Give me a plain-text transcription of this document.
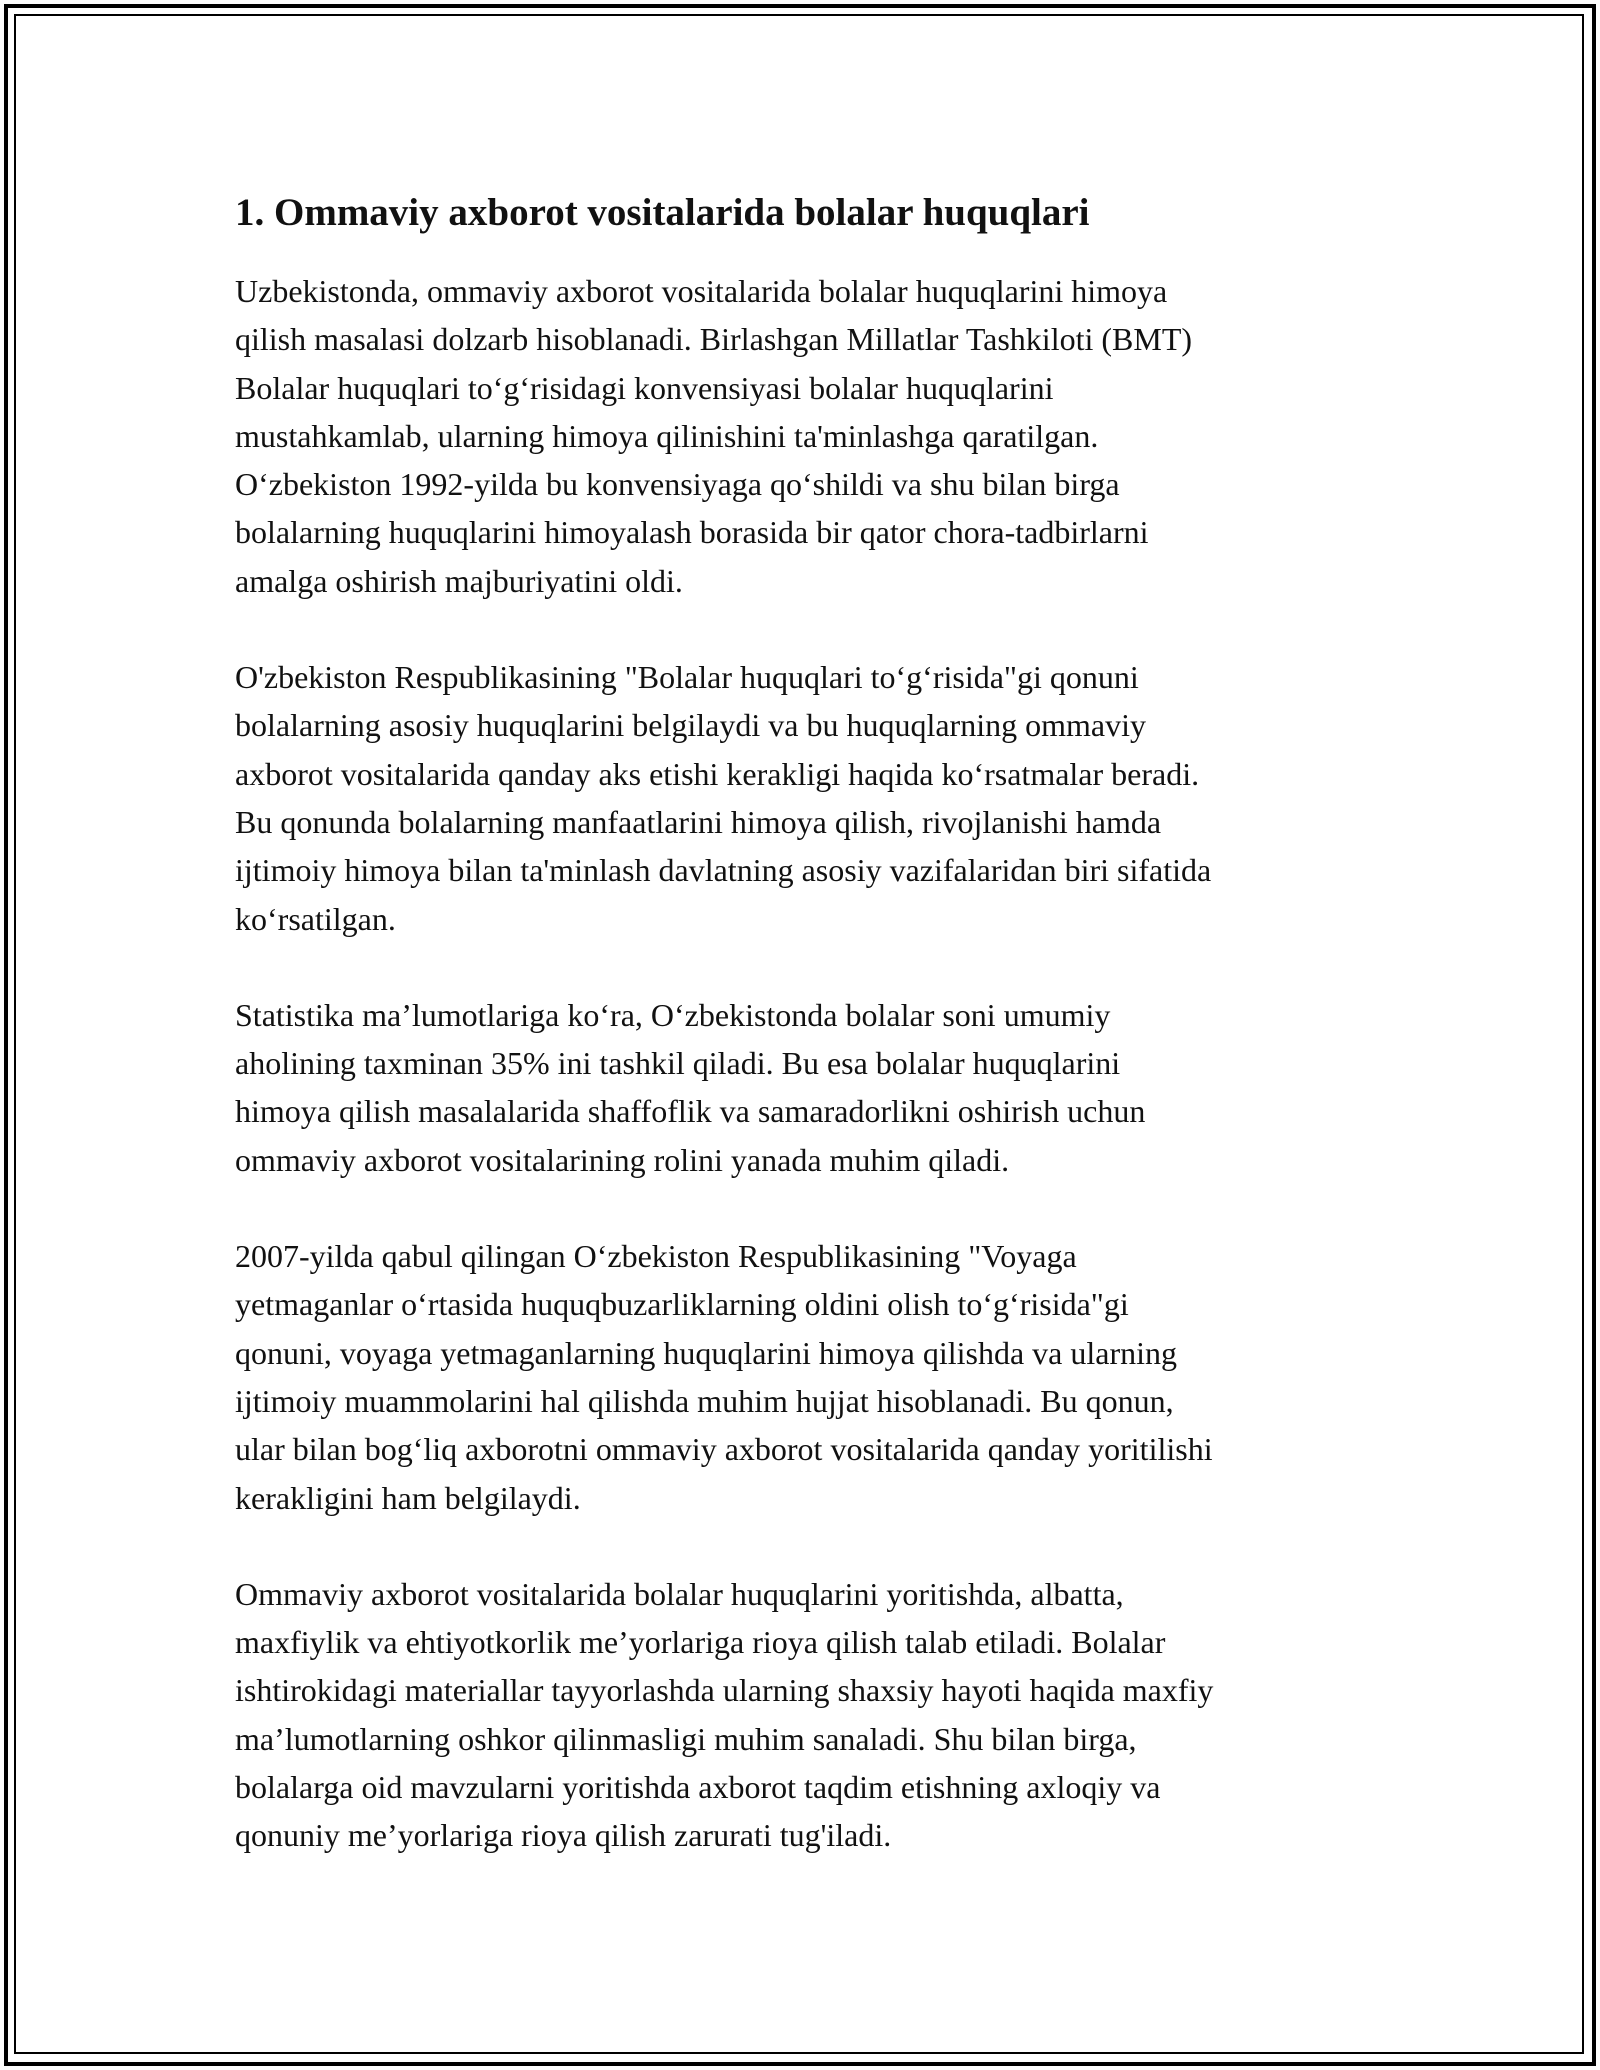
1. Ommaviy axborot vositalarida bolalar huquqlari

Uzbekistonda, ommaviy axborot vositalarida bolalar huquqlarini himoya
qilish masalasi dolzarb hisoblanadi. Birlashgan Millatlar Tashkiloti (BMT)
Bolalar huquqlari to‘g‘risidagi konvensiyasi bolalar huquqlarini
mustahkamlab, ularning himoya qilinishini ta'minlashga qaratilgan.
O‘zbekiston 1992-yilda bu konvensiyaga qo‘shildi va shu bilan birga
bolalarning huquqlarini himoyalash borasida bir qator chora-tadbirlarni
amalga oshirish majburiyatini oldi.

O'zbekiston Respublikasining "Bolalar huquqlari to‘g‘risida"gi qonuni
bolalarning asosiy huquqlarini belgilaydi va bu huquqlarning ommaviy
axborot vositalarida qanday aks etishi kerakligi haqida ko‘rsatmalar beradi.
Bu qonunda bolalarning manfaatlarini himoya qilish, rivojlanishi hamda
ijtimoiy himoya bilan ta'minlash davlatning asosiy vazifalaridan biri sifatida
ko‘rsatilgan.

Statistika ma’lumotlariga ko‘ra, O‘zbekistonda bolalar soni umumiy
aholining taxminan 35% ini tashkil qiladi. Bu esa bolalar huquqlarini
himoya qilish masalalarida shaffoflik va samaradorlikni oshirish uchun
ommaviy axborot vositalarining rolini yanada muhim qiladi.

2007-yilda qabul qilingan O‘zbekiston Respublikasining "Voyaga
yetmaganlar o‘rtasida huquqbuzarliklarning oldini olish to‘g‘risida"gi
qonuni, voyaga yetmaganlarning huquqlarini himoya qilishda va ularning
ijtimoiy muammolarini hal qilishda muhim hujjat hisoblanadi. Bu qonun,
ular bilan bog‘liq axborotni ommaviy axborot vositalarida qanday yoritilishi
kerakligini ham belgilaydi.

Ommaviy axborot vositalarida bolalar huquqlarini yoritishda, albatta,
maxfiylik va ehtiyotkorlik me’yorlariga rioya qilish talab etiladi. Bolalar
ishtirokidagi materiallar tayyorlashda ularning shaxsiy hayoti haqida maxfiy
ma’lumotlarning oshkor qilinmasligi muhim sanaladi. Shu bilan birga,
bolalarga oid mavzularni yoritishda axborot taqdim etishning axloqiy va
qonuniy me’yorlariga rioya qilish zarurati tug'iladi.
